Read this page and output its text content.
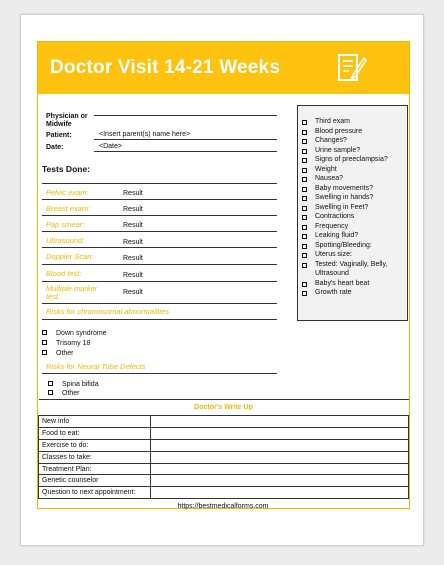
Doctor Visit 14-21 Weeks
Physician or Midwife
Patient:	<Insert parent(s) name here>
Date:	<Date>
Tests Done:
Pelvic exam:	Result
Breast exam:	Result
Pap smear:	Result
Ultrasound:	Result
Doppler Scan:	Result
Blood test:	Result
Multiple marker test:	Result
Risks for chromosomal abnormalities
Down syndrome
Trisomy 18
Other
Risks for Neural Tube Defects
Spina bifida
Other
Third exam
Blood pressure
Changes?
Urine sample?
Signs of preeclampsia?
Weight
Nausea?
Baby movements?
Swelling in hands?
Swelling in Feet?
Contractions
Frequency
Leaking fluid?
Spotting/Bleeding:
Uterus size:
Tested: Vaginally, Belly,
Ultrasound
Baby's heart beat
Growth rate
Doctor's Write Up	
New info	
Food to eat:	
Exercise to do:	
Classes to take:	
Treatment Plan:	
Genetic counselor	
Question to next appointment:	
https://bestmedicalforms.com
